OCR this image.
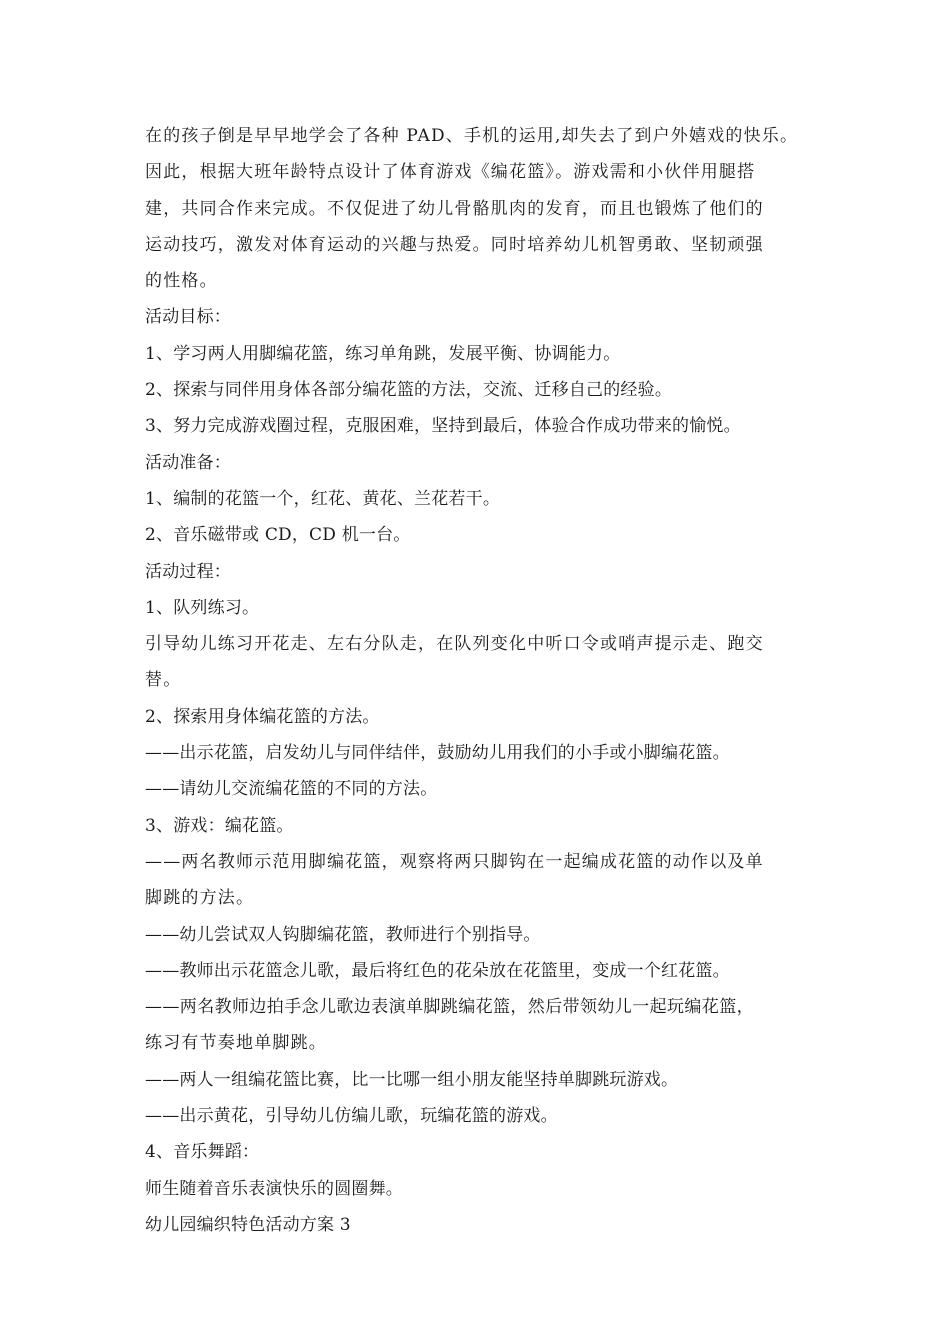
在的孩子倒是早早地学会了各种 PAD、手机的运用,却失去了到户外嬉戏的快乐。
因此，根据大班年龄特点设计了体育游戏《编花篮》。游戏需和小伙伴用腿搭
建，共同合作来完成。不仅促进了幼儿骨骼肌肉的发育，而且也锻炼了他们的
运动技巧，激发对体育运动的兴趣与热爱。同时培养幼儿机智勇敢、坚韧顽强
的性格。
活动目标：
1、学习两人用脚编花篮，练习单角跳，发展平衡、协调能力。
2、探索与同伴用身体各部分编花篮的方法，交流、迁移自己的经验。
3、努力完成游戏圈过程，克服困难，坚持到最后，体验合作成功带来的愉悦。
活动准备：
1、编制的花篮一个，红花、黄花、兰花若干。
2、音乐磁带或 CD，CD 机一台。
活动过程：
1、队列练习。
引导幼儿练习开花走、左右分队走，在队列变化中听口令或哨声提示走、跑交
替。
2、探索用身体编花篮的方法。
——出示花篮，启发幼儿与同伴结伴，鼓励幼儿用我们的小手或小脚编花篮。
——请幼儿交流编花篮的不同的方法。
3、游戏：编花篮。
——两名教师示范用脚编花篮，观察将两只脚钩在一起编成花篮的动作以及单
脚跳的方法。
——幼儿尝试双人钩脚编花篮，教师进行个别指导。
——教师出示花篮念儿歌，最后将红色的花朵放在花篮里，变成一个红花篮。
——两名教师边拍手念儿歌边表演单脚跳编花篮，然后带领幼儿一起玩编花篮，
练习有节奏地单脚跳。
——两人一组编花篮比赛，比一比哪一组小朋友能坚持单脚跳玩游戏。
——出示黄花，引导幼儿仿编儿歌，玩编花篮的游戏。
4、音乐舞蹈：
师生随着音乐表演快乐的圆圈舞。
幼儿园编织特色活动方案 3
